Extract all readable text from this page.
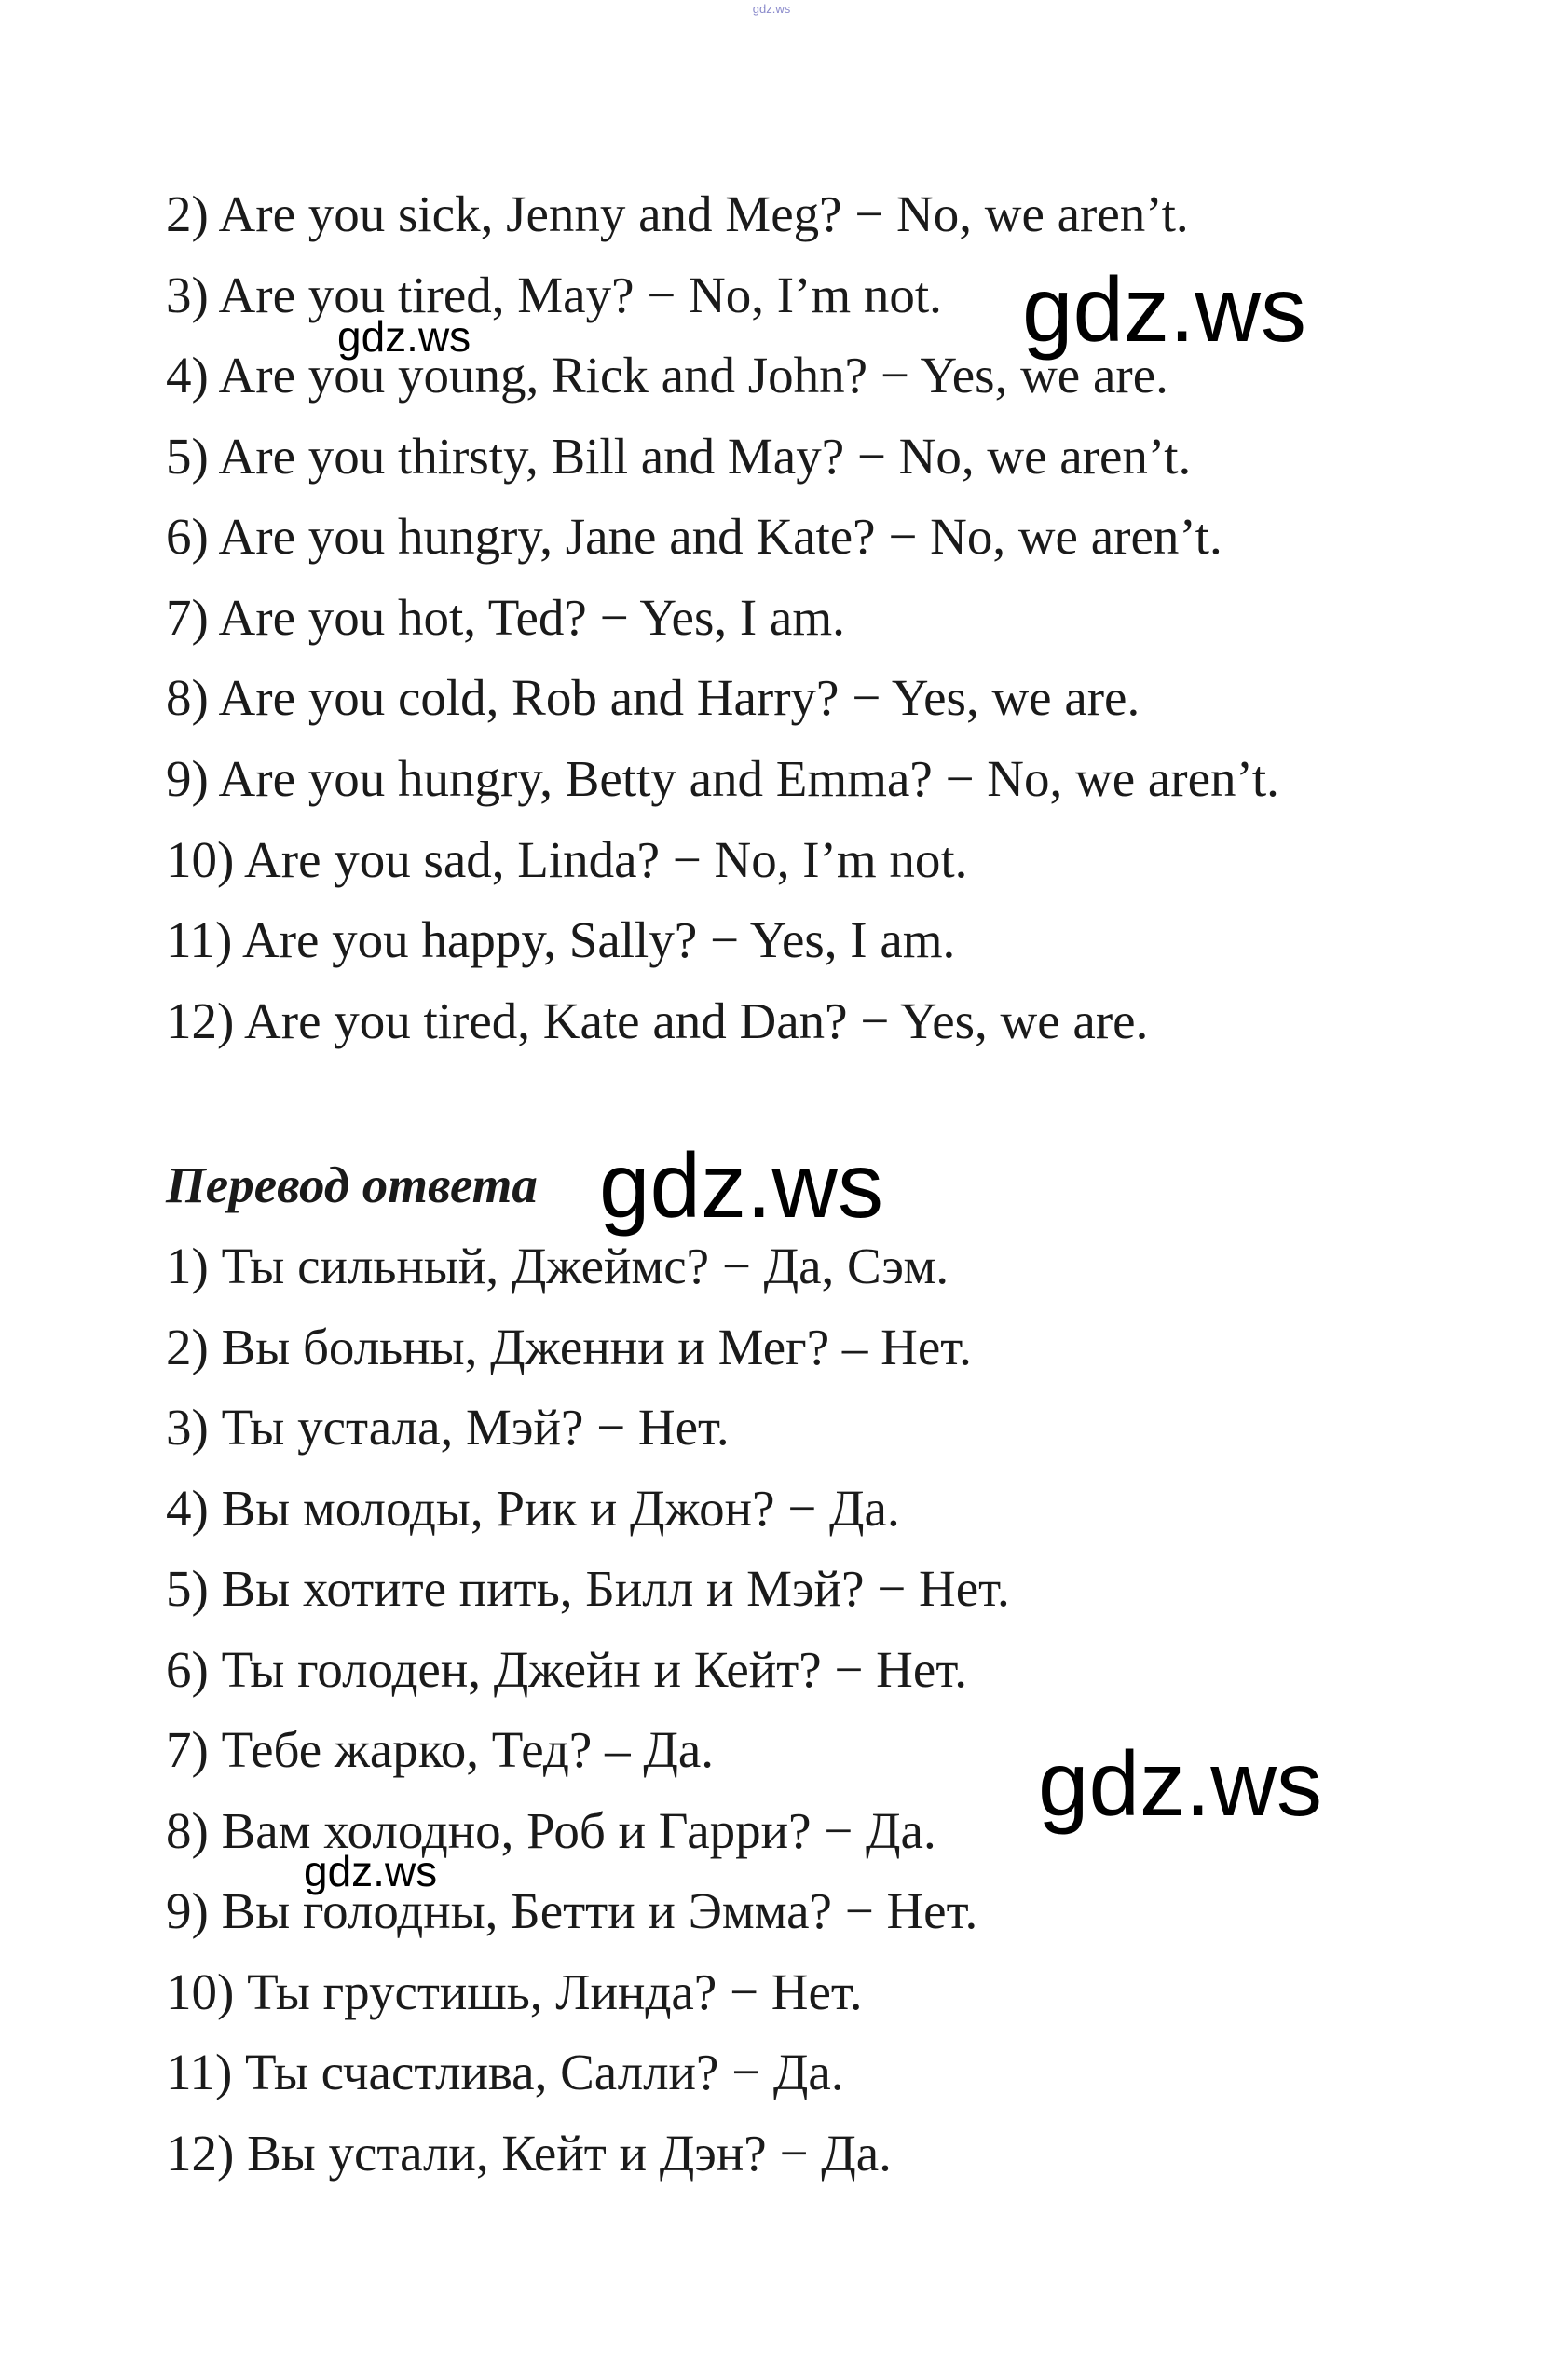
gdz.ws
2) Are you sick, Jenny and Meg? − No, we aren’t.
3) Are you tired, May? − No, I’m not.
4) Are you young, Rick and John? − Yes, we are.
5) Are you thirsty, Bill and May? − No, we aren’t.
6) Are you hungry, Jane and Kate? − No, we aren’t.
7) Are you hot, Ted? − Yes, I am.
8) Are you cold, Rob and Harry? − Yes, we are.
9) Are you hungry, Betty and Emma? − No, we aren’t.
10) Are you sad, Linda? − No, I’m not.
11) Are you happy, Sally? − Yes, I am.
12) Are you tired, Kate and Dan? − Yes, we are.
Перевод ответа
1) Ты сильный, Джеймс? − Да, Сэм.
2) Вы больны, Дженни и Мег? – Нет.
3) Ты устала, Мэй? − Нет.
4) Вы молоды, Рик и Джон? − Да.
5) Вы хотите пить, Билл и Мэй? − Нет.
6) Ты голоден, Джейн и Кейт? − Нет.
7) Тебе жарко, Тед? – Да.
8) Вам холодно, Роб и Гарри? − Да.
9) Вы голодны, Бетти и Эмма? − Нет.
10) Ты грустишь, Линда? − Нет.
11) Ты счастлива, Салли? − Да.
12) Вы устали, Кейт и Дэн? − Да.
gdz.ws
gdz.ws
gdz.ws
gdz.ws
gdz.ws
